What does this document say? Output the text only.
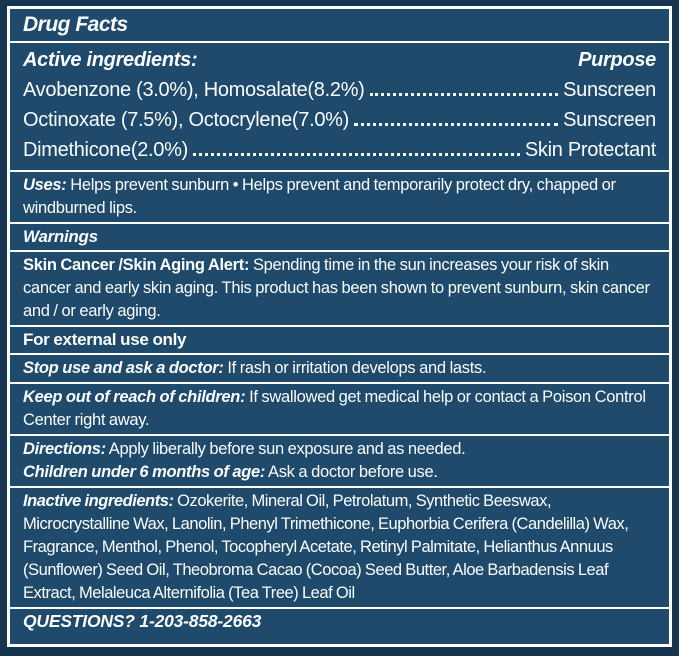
Drug Facts
Active ingredients:	Purpose
Avobenzone (3.0%), Homosalate(8.2%)	Sunscreen
Octinoxate (7.5%), Octocrylene(7.0%)	Sunscreen
Dimethicone(2.0%)	Skin Protectant
Uses: Helps prevent sunburn • Helps prevent and temporarily protect dry, chapped or windburned lips.
Warnings
Skin Cancer /Skin Aging Alert: Spending time in the sun increases your risk of skin cancer and early skin aging. This product has been shown to prevent sunburn, skin cancer and / or early aging.
For external use only
Stop use and ask a doctor: If rash or irritation develops and lasts.
Keep out of reach of children: If swallowed get medical help or contact a Poison Control Center right away.

Directions: Apply liberally before sun exposure and as needed.

Children under 6 months of age: Ask a doctor before use.

Inactive ingredients: Ozokerite, Mineral Oil, Petrolatum, Synthetic Beeswax, Microcrystalline Wax, Lanolin, Phenyl Trimethicone, Euphorbia Cerifera (Candelilla) Wax, Fragrance, Menthol, Phenol, Tocopheryl Acetate, Retinyl Palmitate, Helianthus Annuus (Sunflower) Seed Oil, Theobroma Cacao (Cocoa) Seed Butter, Aloe Barbadensis Leaf Extract, Melaleuca Alternifolia (Tea Tree) Leaf Oil
QUESTIONS? 1-203-858-2663
